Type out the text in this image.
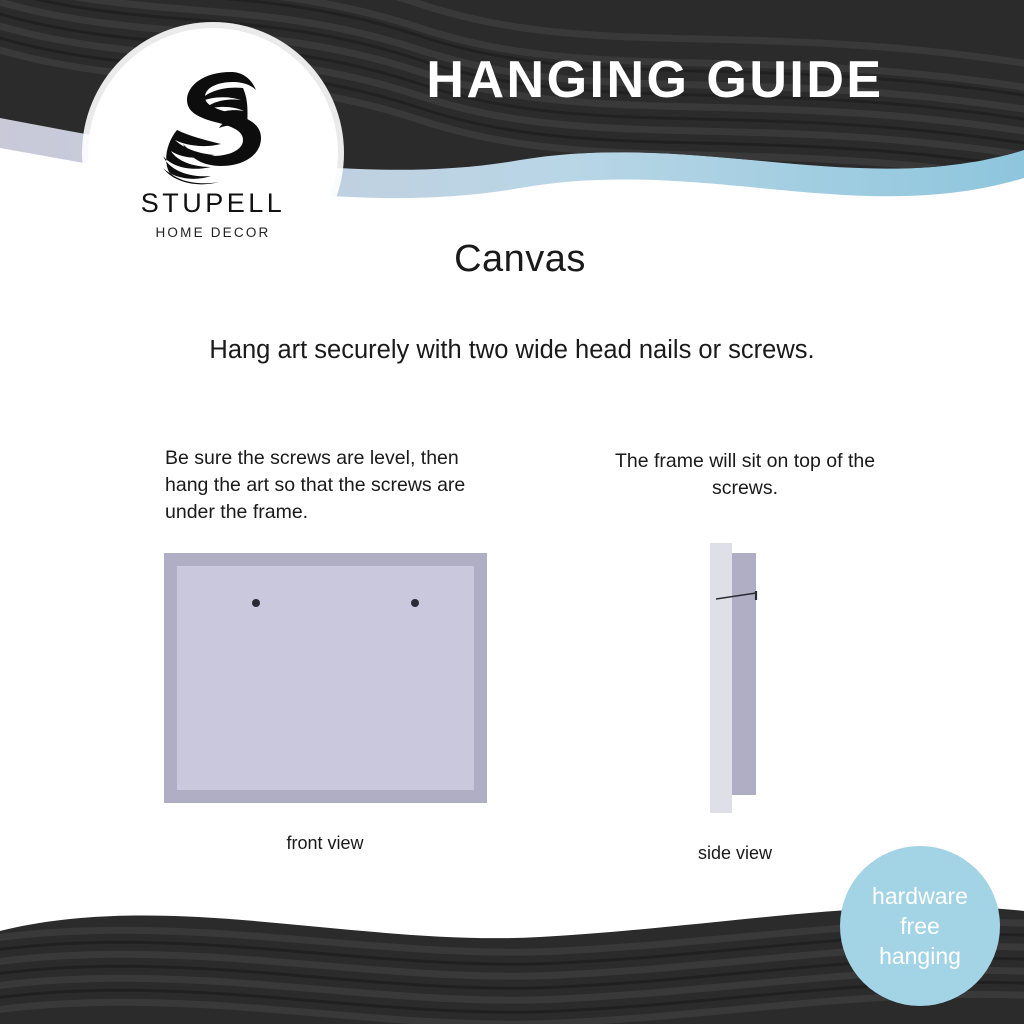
HANGING GUIDE
STUPELL
HOME DECOR
Canvas
Hang art securely with two wide head nails or screws.
Be sure the screws are level, then hang the art so that the screws are under the frame.
front view
The frame will sit on top of the screws.
side view
hardware
free
hanging
